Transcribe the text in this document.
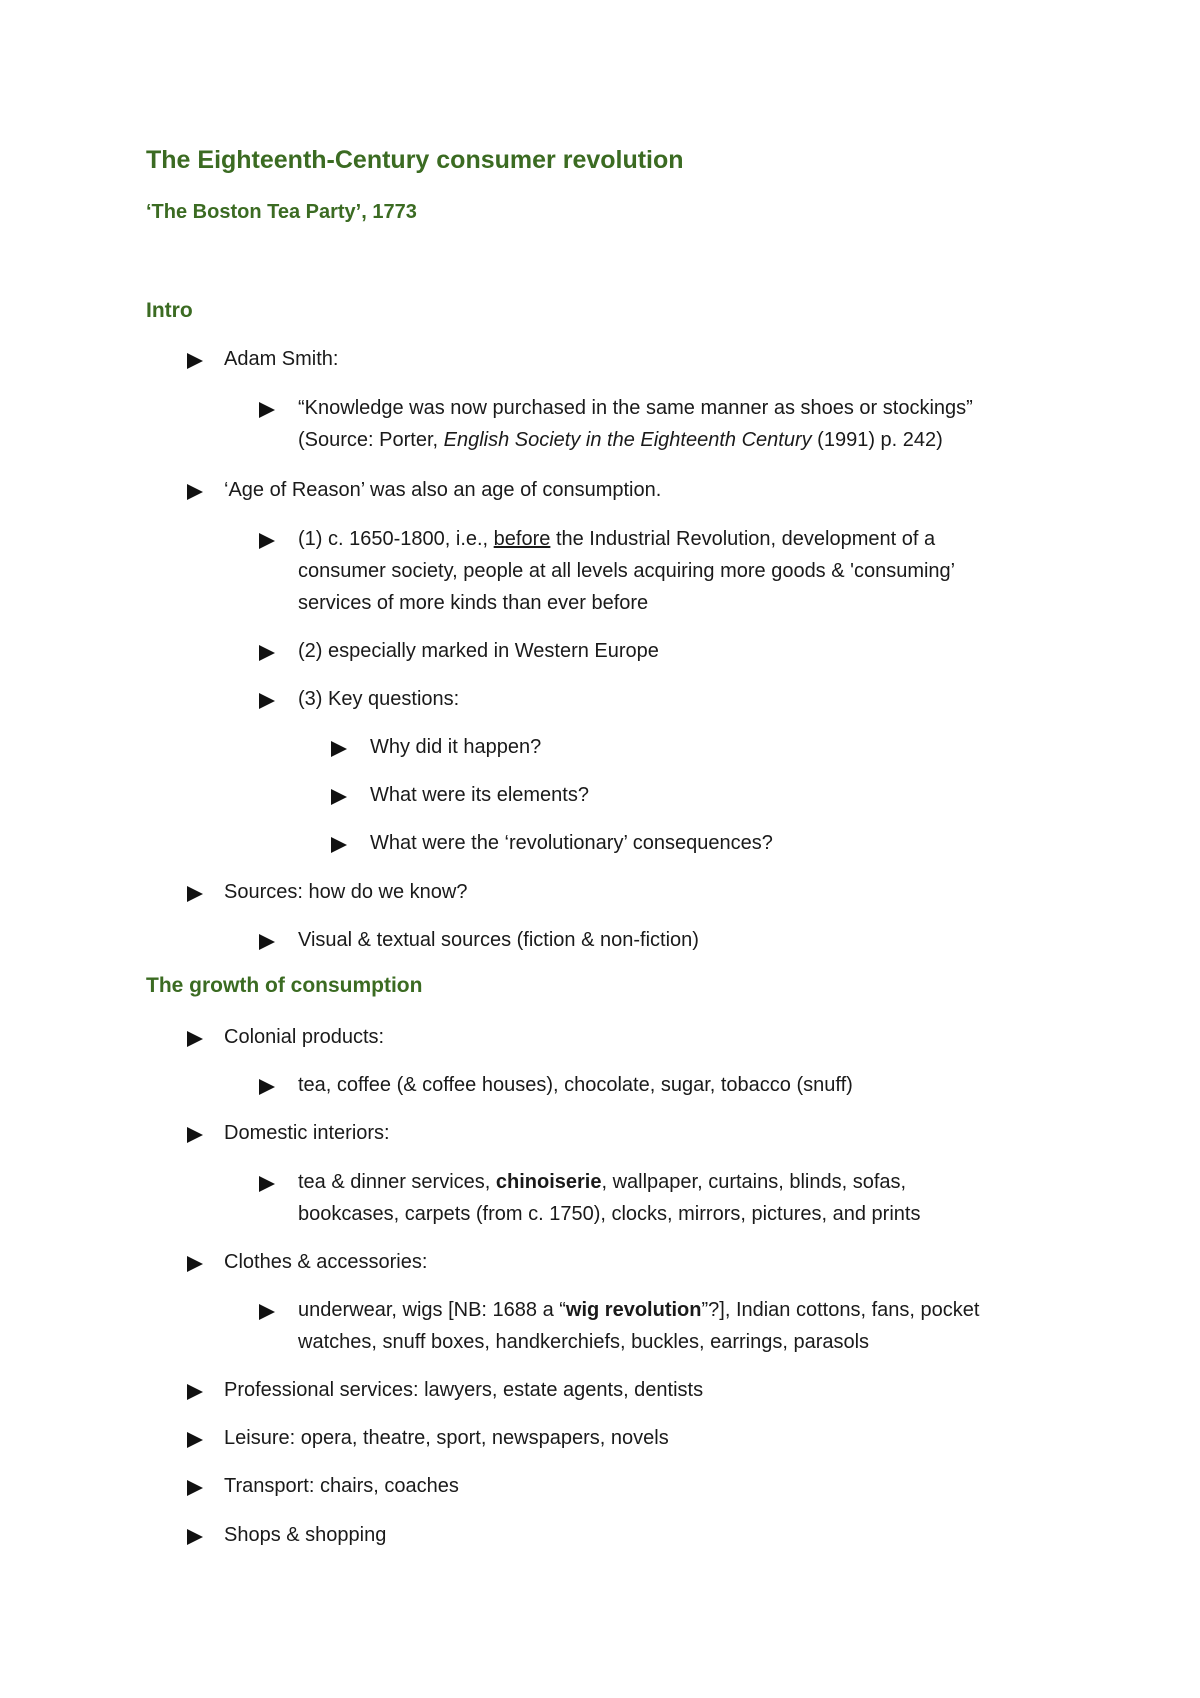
The Eighteenth-Century consumer revolution
‘The Boston Tea Party’, 1773
Intro
Adam Smith:
“Knowledge was now purchased in the same manner as shoes or stockings”
(Source: Porter, English Society in the Eighteenth Century (1991) p. 242)
‘Age of Reason’ was also an age of consumption.
(1) c. 1650-1800, i.e., before the Industrial Revolution, development of a
consumer society, people at all levels acquiring more goods & 'consuming’
services of more kinds than ever before
(2) especially marked in Western Europe
(3) Key questions:
Why did it happen?
What were its elements?
What were the ‘revolutionary’ consequences?
Sources: how do we know?
Visual & textual sources (fiction & non-fiction)
The growth of consumption
Colonial products:
tea, coffee (& coffee houses), chocolate, sugar, tobacco (snuff)
Domestic interiors:
tea & dinner services, chinoiserie, wallpaper, curtains, blinds, sofas,
bookcases, carpets (from c. 1750), clocks, mirrors, pictures, and prints
Clothes & accessories:
underwear, wigs [NB: 1688 a “wig revolution”?], Indian cottons, fans, pocket
watches, snuff boxes, handkerchiefs, buckles, earrings, parasols
Professional services: lawyers, estate agents, dentists
Leisure: opera, theatre, sport, newspapers, novels
Transport: chairs, coaches
Shops & shopping
